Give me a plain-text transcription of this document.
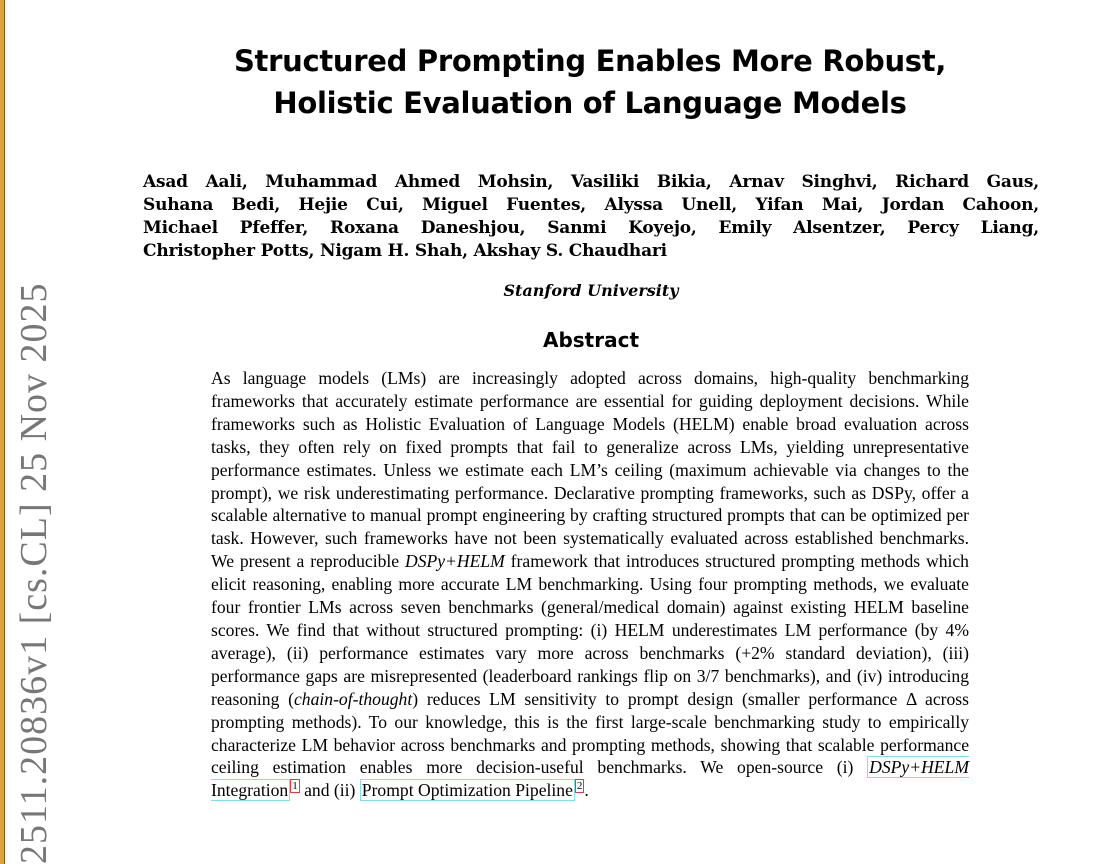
2511.20836v1 [cs.CL] 25 Nov 2025
Structured Prompting Enables More Robust,
Holistic Evaluation of Language Models
Asad Aali, Muhammad Ahmed Mohsin, Vasiliki Bikia, Arnav Singhvi, Richard Gaus,
Suhana Bedi, Hejie Cui, Miguel Fuentes, Alyssa Unell, Yifan Mai, Jordan Cahoon,
Michael Pfeffer, Roxana Daneshjou, Sanmi Koyejo, Emily Alsentzer, Percy Liang,
Christopher Potts, Nigam H. Shah, Akshay S. Chaudhari
Stanford University
Abstract
As language models (LMs) are increasingly adopted across domains, high-quality benchmarking frameworks that accurately estimate performance are essential for guiding deployment decisions. While frameworks such as Holistic Evaluation of Language Models (HELM) enable broad evaluation across tasks, they often rely on fixed prompts that fail to generalize across LMs, yielding unrepresentative performance estimates. Unless we estimate each LM’s ceiling (maximum achievable via changes to the prompt), we risk underestimating performance. Declarative prompting frameworks, such as DSPy, offer a scalable alternative to manual prompt engineering by crafting structured prompts that can be optimized per task. However, such frameworks have not been systematically evaluated across established benchmarks. We present a reproducible DSPy+HELM framework that introduces structured prompting methods which elicit reasoning, enabling more accurate LM benchmarking. Using four prompting methods, we evaluate four frontier LMs across seven benchmarks (general/medical domain) against existing HELM baseline scores. We find that without structured prompting: (i) HELM underestimates LM performance (by 4% average), (ii) performance estimates vary more across benchmarks (+2% standard deviation), (iii) performance gaps are misrepresented (leaderboard rankings flip on 3/7 benchmarks), and (iv) introducing reasoning (chain-of-thought) reduces LM sensitivity to prompt design (smaller performance Δ across prompting methods). To our knowledge, this is the first large-scale benchmarking study to empirically characterize LM behavior across benchmarks and prompting methods, showing that scalable performance ceiling estimation enables more decision-useful benchmarks. We open-source (i) DSPy+HELM Integration $^1$ and (ii) Prompt Optimization Pipeline $^2$ .
